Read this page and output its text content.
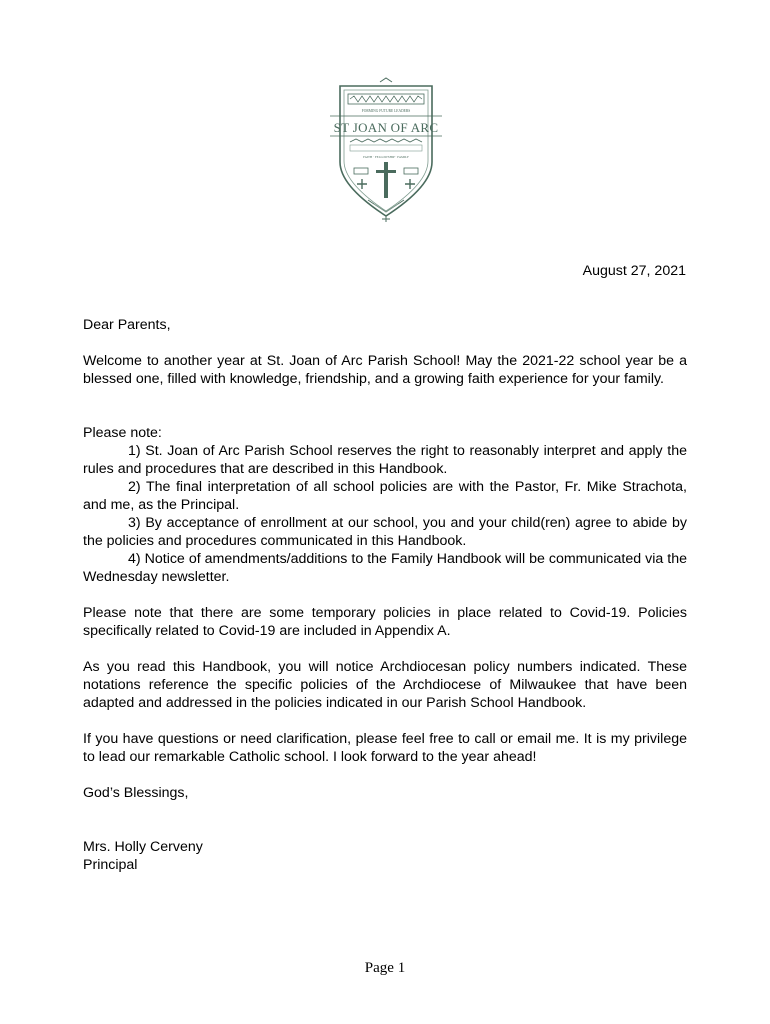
FORMING FUTURE LEADERS
ST JOAN OF ARC
FAITH · FELLOWSHIP · FAMILY
August 27, 2021

Dear Parents,

Welcome to another year at St. Joan of Arc Parish School! May the 2021-22 school year be a blessed one, filled with knowledge, friendship, and a growing faith experience for your family.

Please note:

1) St. Joan of Arc Parish School reserves the right to reasonably interpret and apply the rules and procedures that are described in this Handbook.

2) The final interpretation of all school policies are with the Pastor, Fr. Mike Strachota, and me, as the Principal.

3) By acceptance of enrollment at our school, you and your child(ren) agree to abide by the policies and procedures communicated in this Handbook.

4) Notice of amendments/additions to the Family Handbook will be communicated via the Wednesday newsletter.

Please note that there are some temporary policies in place related to Covid-19. Policies specifically related to Covid-19 are included in Appendix A.

As you read this Handbook, you will notice Archdiocesan policy numbers indicated. These notations reference the specific policies of the Archdiocese of Milwaukee that have been adapted and addressed in the policies indicated in our Parish School Handbook.

If you have questions or need clarification, please feel free to call or email me. It is my privilege to lead our remarkable Catholic school. I look forward to the year ahead!

God’s Blessings,

Mrs. Holly Cerveny

Principal

Page 1
